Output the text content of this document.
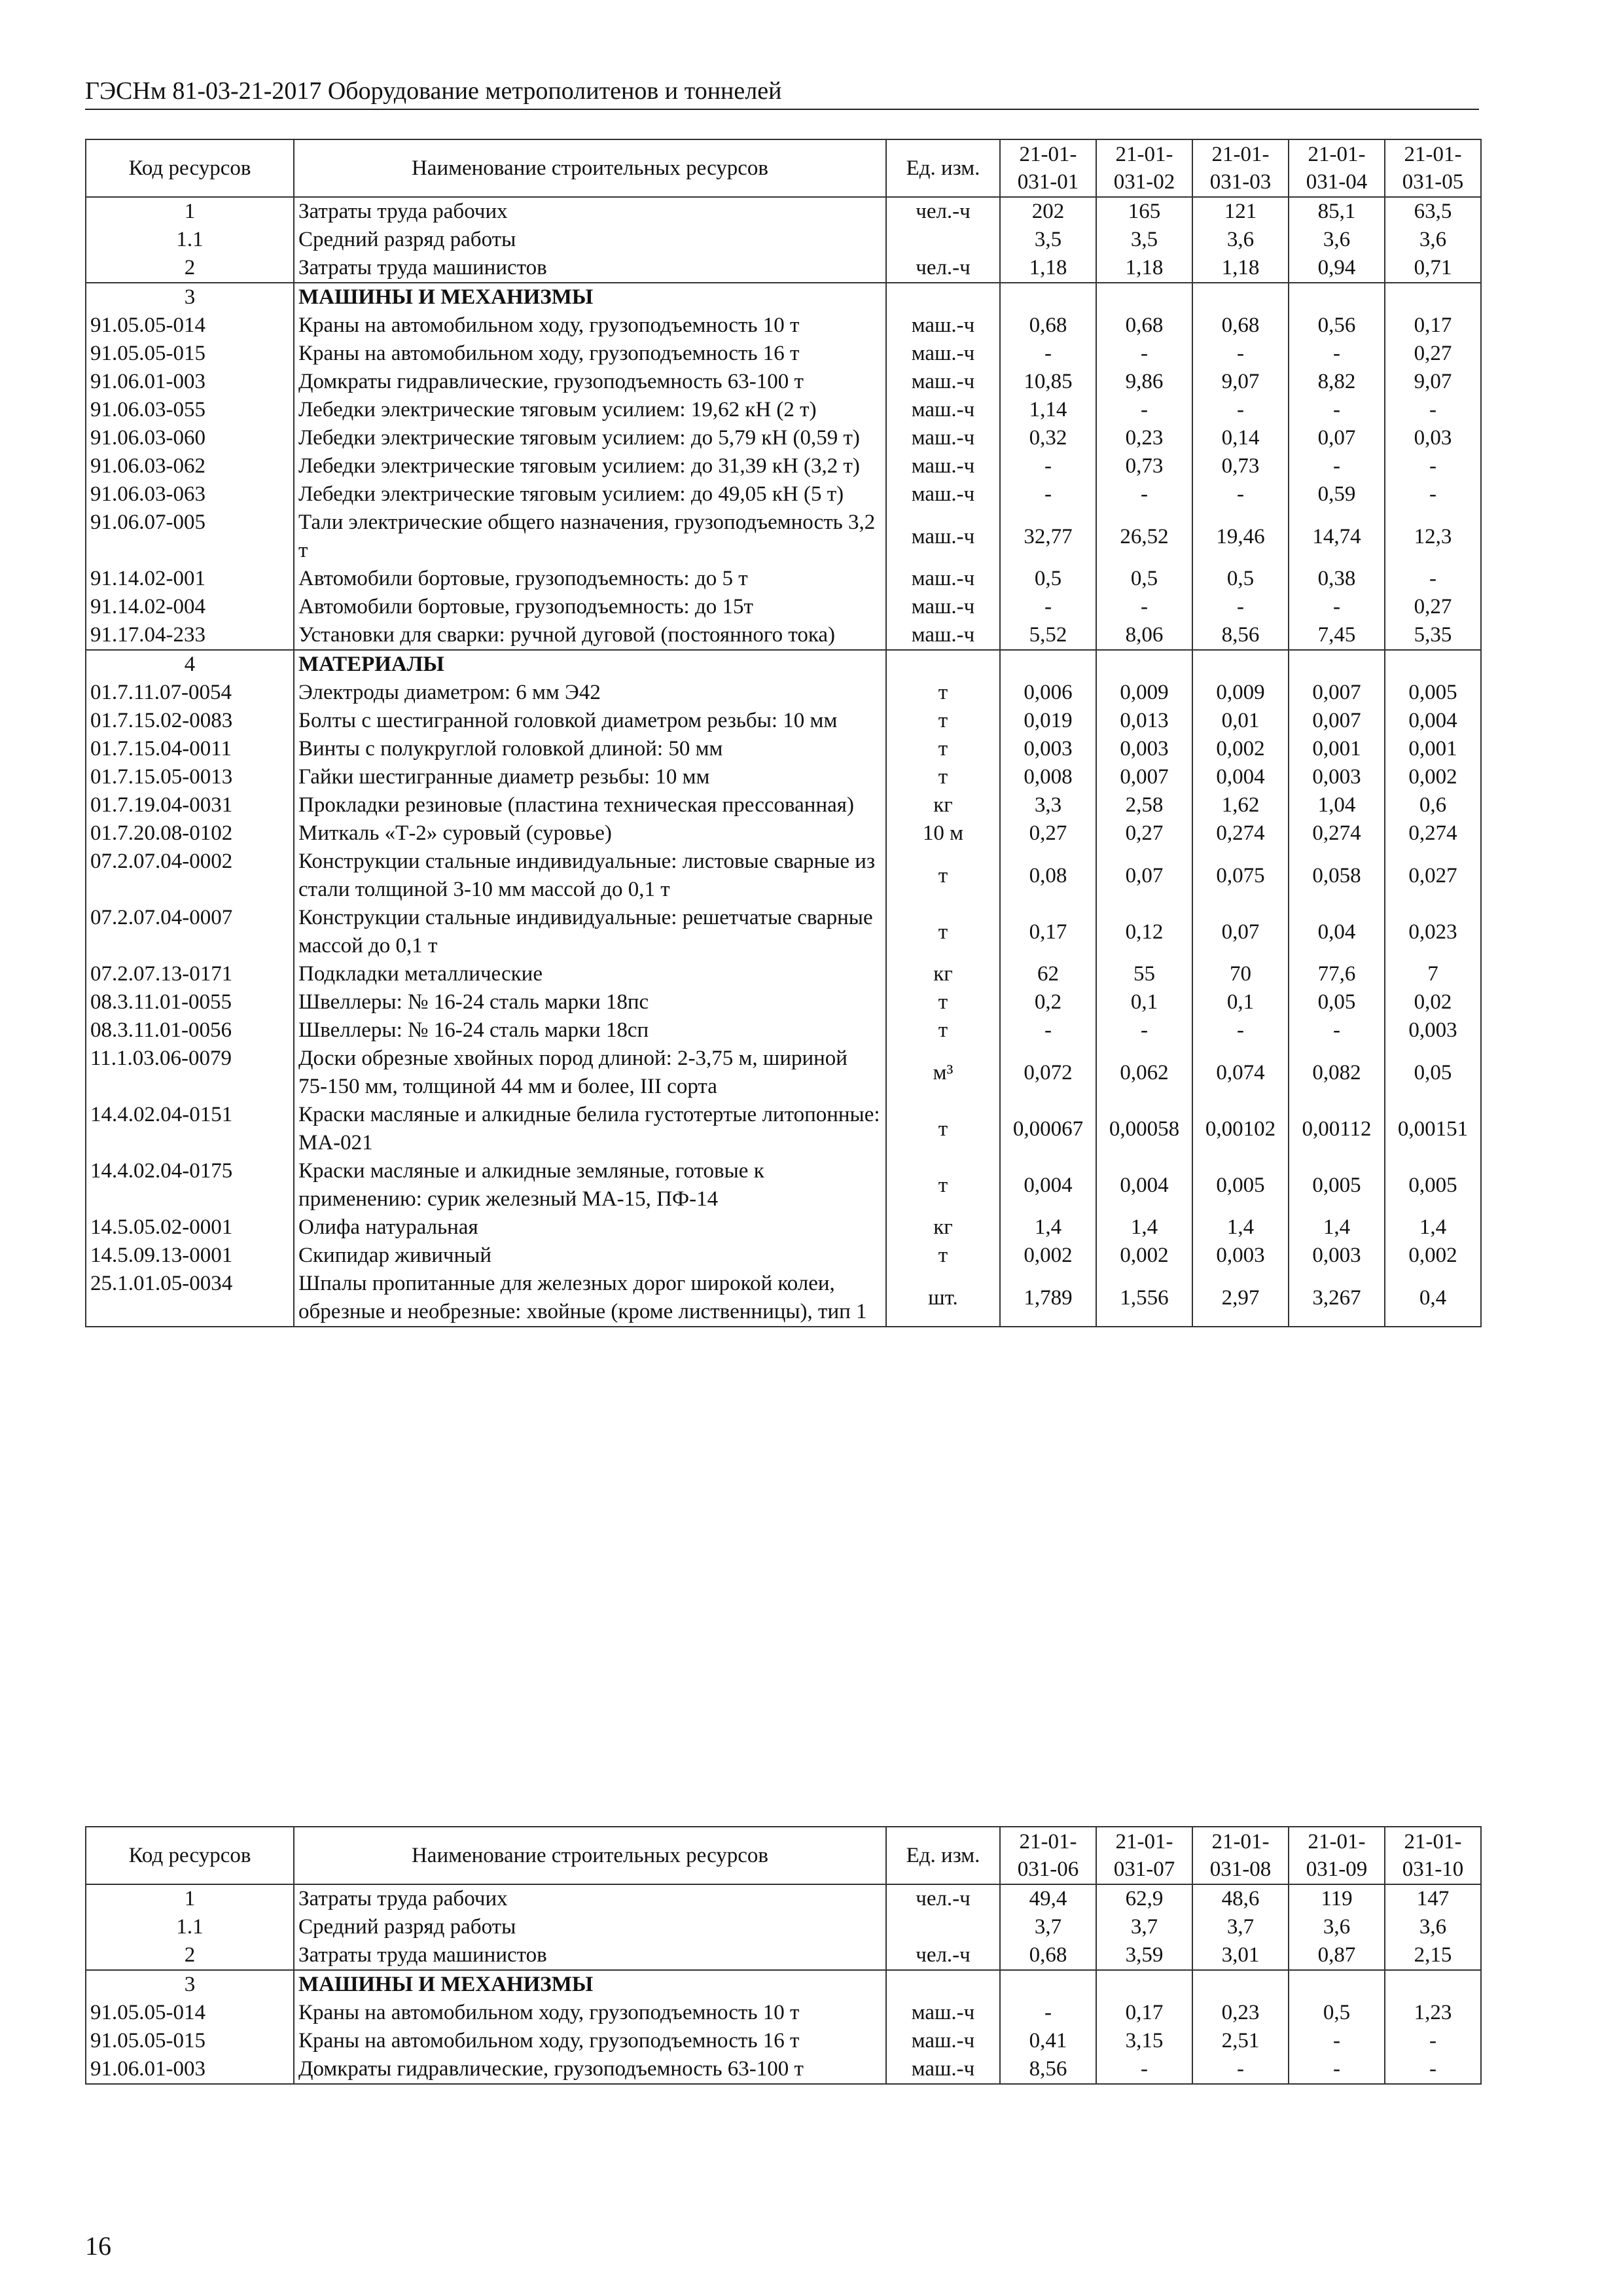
ГЭСНм 81-03-21-2017 Оборудование метрополитенов и тоннелей
Код ресурсов	Наименование строительных ресурсов	Ед. изм.	21-01-031-01	21-01-031-02	21-01-031-03	21-01-031-04	21-01-031-05
1	Затраты труда рабочих	чел.-ч	202	165	121	85,1	63,5
1.1	Средний разряд работы		3,5	3,5	3,6	3,6	3,6
2	Затраты труда машинистов	чел.-ч	1,18	1,18	1,18	0,94	0,71
3	МАШИНЫ И МЕХАНИЗМЫ						
91.05.05-014	Краны на автомобильном ходу, грузоподъемность 10 т	маш.-ч	0,68	0,68	0,68	0,56	0,17
91.05.05-015	Краны на автомобильном ходу, грузоподъемность 16 т	маш.-ч	-	-	-	-	0,27
91.06.01-003	Домкраты гидравлические, грузоподъемность 63-100 т	маш.-ч	10,85	9,86	9,07	8,82	9,07
91.06.03-055	Лебедки электрические тяговым усилием: 19,62 кН (2 т)	маш.-ч	1,14	-	-	-	-
91.06.03-060	Лебедки электрические тяговым усилием: до 5,79 кН (0,59 т)	маш.-ч	0,32	0,23	0,14	0,07	0,03
91.06.03-062	Лебедки электрические тяговым усилием: до 31,39 кН (3,2 т)	маш.-ч	-	0,73	0,73	-	-
91.06.03-063	Лебедки электрические тяговым усилием: до 49,05 кН (5 т)	маш.-ч	-	-	-	0,59	-
91.06.07-005	Тали электрические общего назначения, грузоподъемность 3,2 т	маш.-ч	32,77	26,52	19,46	14,74	12,3
91.14.02-001	Автомобили бортовые, грузоподъемность: до 5 т	маш.-ч	0,5	0,5	0,5	0,38	-
91.14.02-004	Автомобили бортовые, грузоподъемность: до 15т	маш.-ч	-	-	-	-	0,27
91.17.04-233	Установки для сварки: ручной дуговой (постоянного тока)	маш.-ч	5,52	8,06	8,56	7,45	5,35
4	МАТЕРИАЛЫ						
01.7.11.07-0054	Электроды диаметром: 6 мм Э42	т	0,006	0,009	0,009	0,007	0,005
01.7.15.02-0083	Болты с шестигранной головкой диаметром резьбы: 10 мм	т	0,019	0,013	0,01	0,007	0,004
01.7.15.04-0011	Винты с полукруглой головкой длиной: 50 мм	т	0,003	0,003	0,002	0,001	0,001
01.7.15.05-0013	Гайки шестигранные диаметр резьбы: 10 мм	т	0,008	0,007	0,004	0,003	0,002
01.7.19.04-0031	Прокладки резиновые (пластина техническая прессованная)	кг	3,3	2,58	1,62	1,04	0,6
01.7.20.08-0102	Миткаль «Т-2» суровый (суровье)	10 м	0,27	0,27	0,274	0,274	0,274
07.2.07.04-0002	Конструкции стальные индивидуальные: листовые сварные из стали толщиной 3-10 мм массой до 0,1 т	т	0,08	0,07	0,075	0,058	0,027
07.2.07.04-0007	Конструкции стальные индивидуальные: решетчатые сварные массой до 0,1 т	т	0,17	0,12	0,07	0,04	0,023
07.2.07.13-0171	Подкладки металлические	кг	62	55	70	77,6	7
08.3.11.01-0055	Швеллеры: № 16-24 сталь марки 18пс	т	0,2	0,1	0,1	0,05	0,02
08.3.11.01-0056	Швеллеры: № 16-24 сталь марки 18сп	т	-	-	-	-	0,003
11.1.03.06-0079	Доски обрезные хвойных пород длиной: 2-3,75 м, шириной 75-150 мм, толщиной 44 мм и более, III сорта	м³	0,072	0,062	0,074	0,082	0,05
14.4.02.04-0151	Краски масляные и алкидные белила густотертые литопонные: МА-021	т	0,00067	0,00058	0,00102	0,00112	0,00151
14.4.02.04-0175	Краски масляные и алкидные земляные, готовые к применению: сурик железный МА-15, ПФ-14	т	0,004	0,004	0,005	0,005	0,005
14.5.05.02-0001	Олифа натуральная	кг	1,4	1,4	1,4	1,4	1,4
14.5.09.13-0001	Скипидар живичный	т	0,002	0,002	0,003	0,003	0,002
25.1.01.05-0034	Шпалы пропитанные для железных дорог широкой колеи, обрезные и необрезные: хвойные (кроме лиственницы), тип 1	шт.	1,789	1,556	2,97	3,267	0,4
Код ресурсов	Наименование строительных ресурсов	Ед. изм.	21-01-031-06	21-01-031-07	21-01-031-08	21-01-031-09	21-01-031-10
1	Затраты труда рабочих	чел.-ч	49,4	62,9	48,6	119	147
1.1	Средний разряд работы		3,7	3,7	3,7	3,6	3,6
2	Затраты труда машинистов	чел.-ч	0,68	3,59	3,01	0,87	2,15
3	МАШИНЫ И МЕХАНИЗМЫ						
91.05.05-014	Краны на автомобильном ходу, грузоподъемность 10 т	маш.-ч	-	0,17	0,23	0,5	1,23
91.05.05-015	Краны на автомобильном ходу, грузоподъемность 16 т	маш.-ч	0,41	3,15	2,51	-	-
91.06.01-003	Домкраты гидравлические, грузоподъемность 63-100 т	маш.-ч	8,56	-	-	-	-
16
